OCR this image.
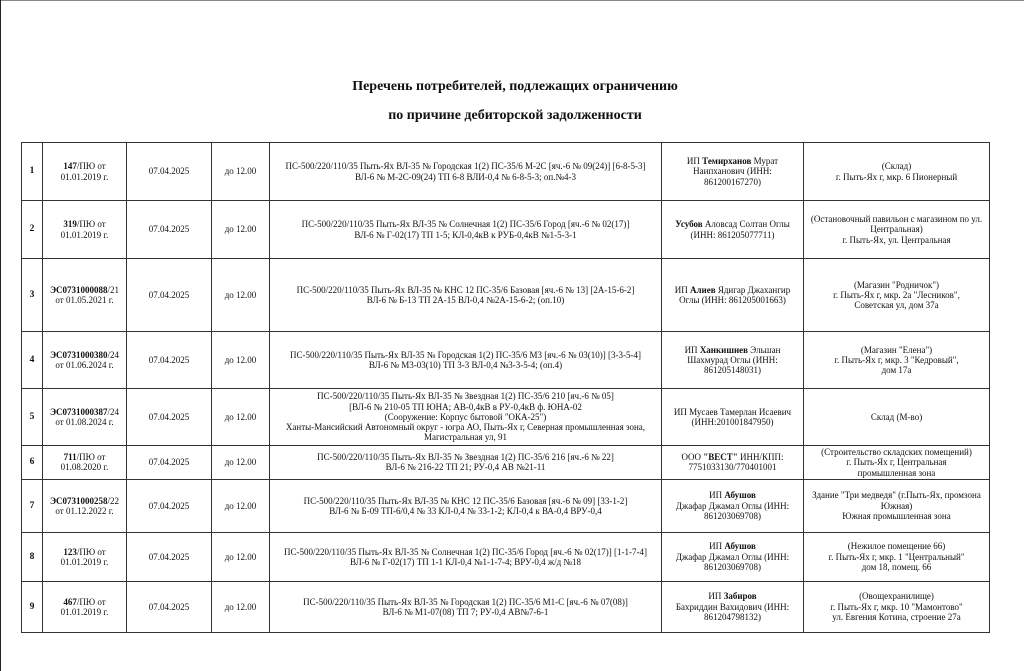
Перечень потребителей, подлежащих ограничению
по причине дебиторской задолженности
1	147/ПЮ от
01.01.2019 г.	07.04.2025	до 12.00	ПС-500/220/110/35 Пыть-Ях ВЛ-35 № Городская 1(2) ПС-35/6 М-2С [яч.-6 № 09(24)] [6-8-5-3]
ВЛ-6 № М-2С-09(24) ТП 6-8 ВЛИ-0,4 № 6-8-5-3; оп.№4-3	ИП Темирханов Мурат Наипханович (ИНН: 861200167270)	(Склад)
г. Пыть-Ях г, мкр. 6 Пионерный

2	319/ПЮ от
01.01.2019 г.	07.04.2025	до 12.00	ПС-500/220/110/35 Пыть-Ях ВЛ-35 № Солнечная 1(2) ПС-35/6 Город [яч.-6 № 02(17)]
ВЛ-6 № Г-02(17) ТП 1-5; КЛ-0,4кВ к РУБ-0,4кВ №1-5-3-1	Усубов Аловсад Солтан Оглы (ИНН: 861205077711)	(Остановочный павильон с магазином по ул. Центральная)
г. Пыть-Ях, ул. Центральная

3	ЭС0731000088/21
от 01.05.2021 г.	07.04.2025	до 12.00	ПС-500/220/110/35 Пыть-Ях ВЛ-35 № КНС 12 ПС-35/6 Базовая [яч.-6 № 13] [2А-15-6-2]
ВЛ-6 № Б-13 ТП 2А-15 ВЛ-0,4 №2А-15-6-2; (оп.10)	ИП Алиев Ядигар Джахангир Оглы (ИНН: 861205001663)	(Магазин "Родничок")
г. Пыть-Ях г, мкр. 2а "Лесников",
Советская ул, дом 37а

4	ЭС0731000380/24
от 01.06.2024 г.	07.04.2025	до 12.00	ПС-500/220/110/35 Пыть-Ях ВЛ-35 № Городская 1(2) ПС-35/6 М3 [яч.-6 № 03(10)] [3-3-5-4]
ВЛ-6 № М3-03(10) ТП 3-3 ВЛ-0,4 №3-3-5-4; (оп.4)	ИП Ханкишиев Эльшан Шахмурад Оглы (ИНН: 861205148031)	(Магазин "Елена")
г. Пыть-Ях г, мкр. 3 "Кедровый",
дом 17а

5	ЭС0731000387/24
от 01.08.2024 г.	07.04.2025	до 12.00	ПС-500/220/110/35 Пыть-Ях ВЛ-35 № Звездная 1(2) ПС-35/6 210 [яч.-6 № 05]
[ВЛ-6 № 210-05 ТП ЮНА; АВ-0,4кВ в РУ-0,4кВ ф. ЮНА-02
(Сооружение: Корпус бытовой "ОКА-25")
Ханты-Мансийский Автономный округ - югра АО, Пыть-Ях г, Северная промышленная зона, Магистральная ул, 91	ИП Мусаев Тамерлан Исаевич
(ИНН:201001847950)	Склад (М-во)

6	711/ПЮ от
01.08.2020 г.	07.04.2025	до 12.00	ПС-500/220/110/35 Пыть-Ях ВЛ-35 № Звездная 1(2) ПС-35/6 216 [яч.-6 № 22]
ВЛ-6 № 216-22 ТП 21; РУ-0,4 АВ №21-11	ООО "ВЕСТ" ИНН/КПП: 7751033130/770401001	(Строительство складских помещений)
г. Пыть-Ях г, Центральная
промышленная зона

7	ЭС0731000258/22
от 01.12.2022 г.	07.04.2025	до 12.00	ПС-500/220/110/35 Пыть-Ях ВЛ-35 № КНС 12 ПС-35/6 Базовая [яч.-6 № 09] [33-1-2]
ВЛ-6 № Б-09 ТП-6/0,4 № 33 КЛ-0,4 № 33-1-2; КЛ-0,4 к ВА-0,4 ВРУ-0,4	ИП Абушов
Джафар Джамал Оглы (ИНН: 861203069708)	Здание "Три медведя" (г.Пыть-Ях, промзона Южная)
Южная промышленная зона

8	123/ПЮ от
01.01.2019 г.	07.04.2025	до 12.00	ПС-500/220/110/35 Пыть-Ях ВЛ-35 № Солнечная 1(2) ПС-35/6 Город [яч.-6 № 02(17)] [1-1-7-4]
ВЛ-6 № Г-02(17) ТП 1-1 КЛ-0,4 №1-1-7-4; ВРУ-0,4 ж/д №18	ИП Абушов
Джафар Джамал Оглы (ИНН: 861203069708)	(Нежилое помещение 66)
г. Пыть-Ях г, мкр. 1 "Центральный"
дом 18, помещ. 66

9	467/ПЮ от
01.01.2019 г.	07.04.2025	до 12.00	ПС-500/220/110/35 Пыть-Ях ВЛ-35 № Городская 1(2) ПС-35/6 М1-С [яч.-6 № 07(08)]
ВЛ-6 № М1-07(08) ТП 7; РУ-0,4 АВ№7-6-1	ИП Забиров
Бахриддин Вахидович (ИНН: 861204798132)	(Овощехранилище)
г. Пыть-Ях г, мкр. 10 "Мамонтово"
ул. Евгения Котина, строение 27а
